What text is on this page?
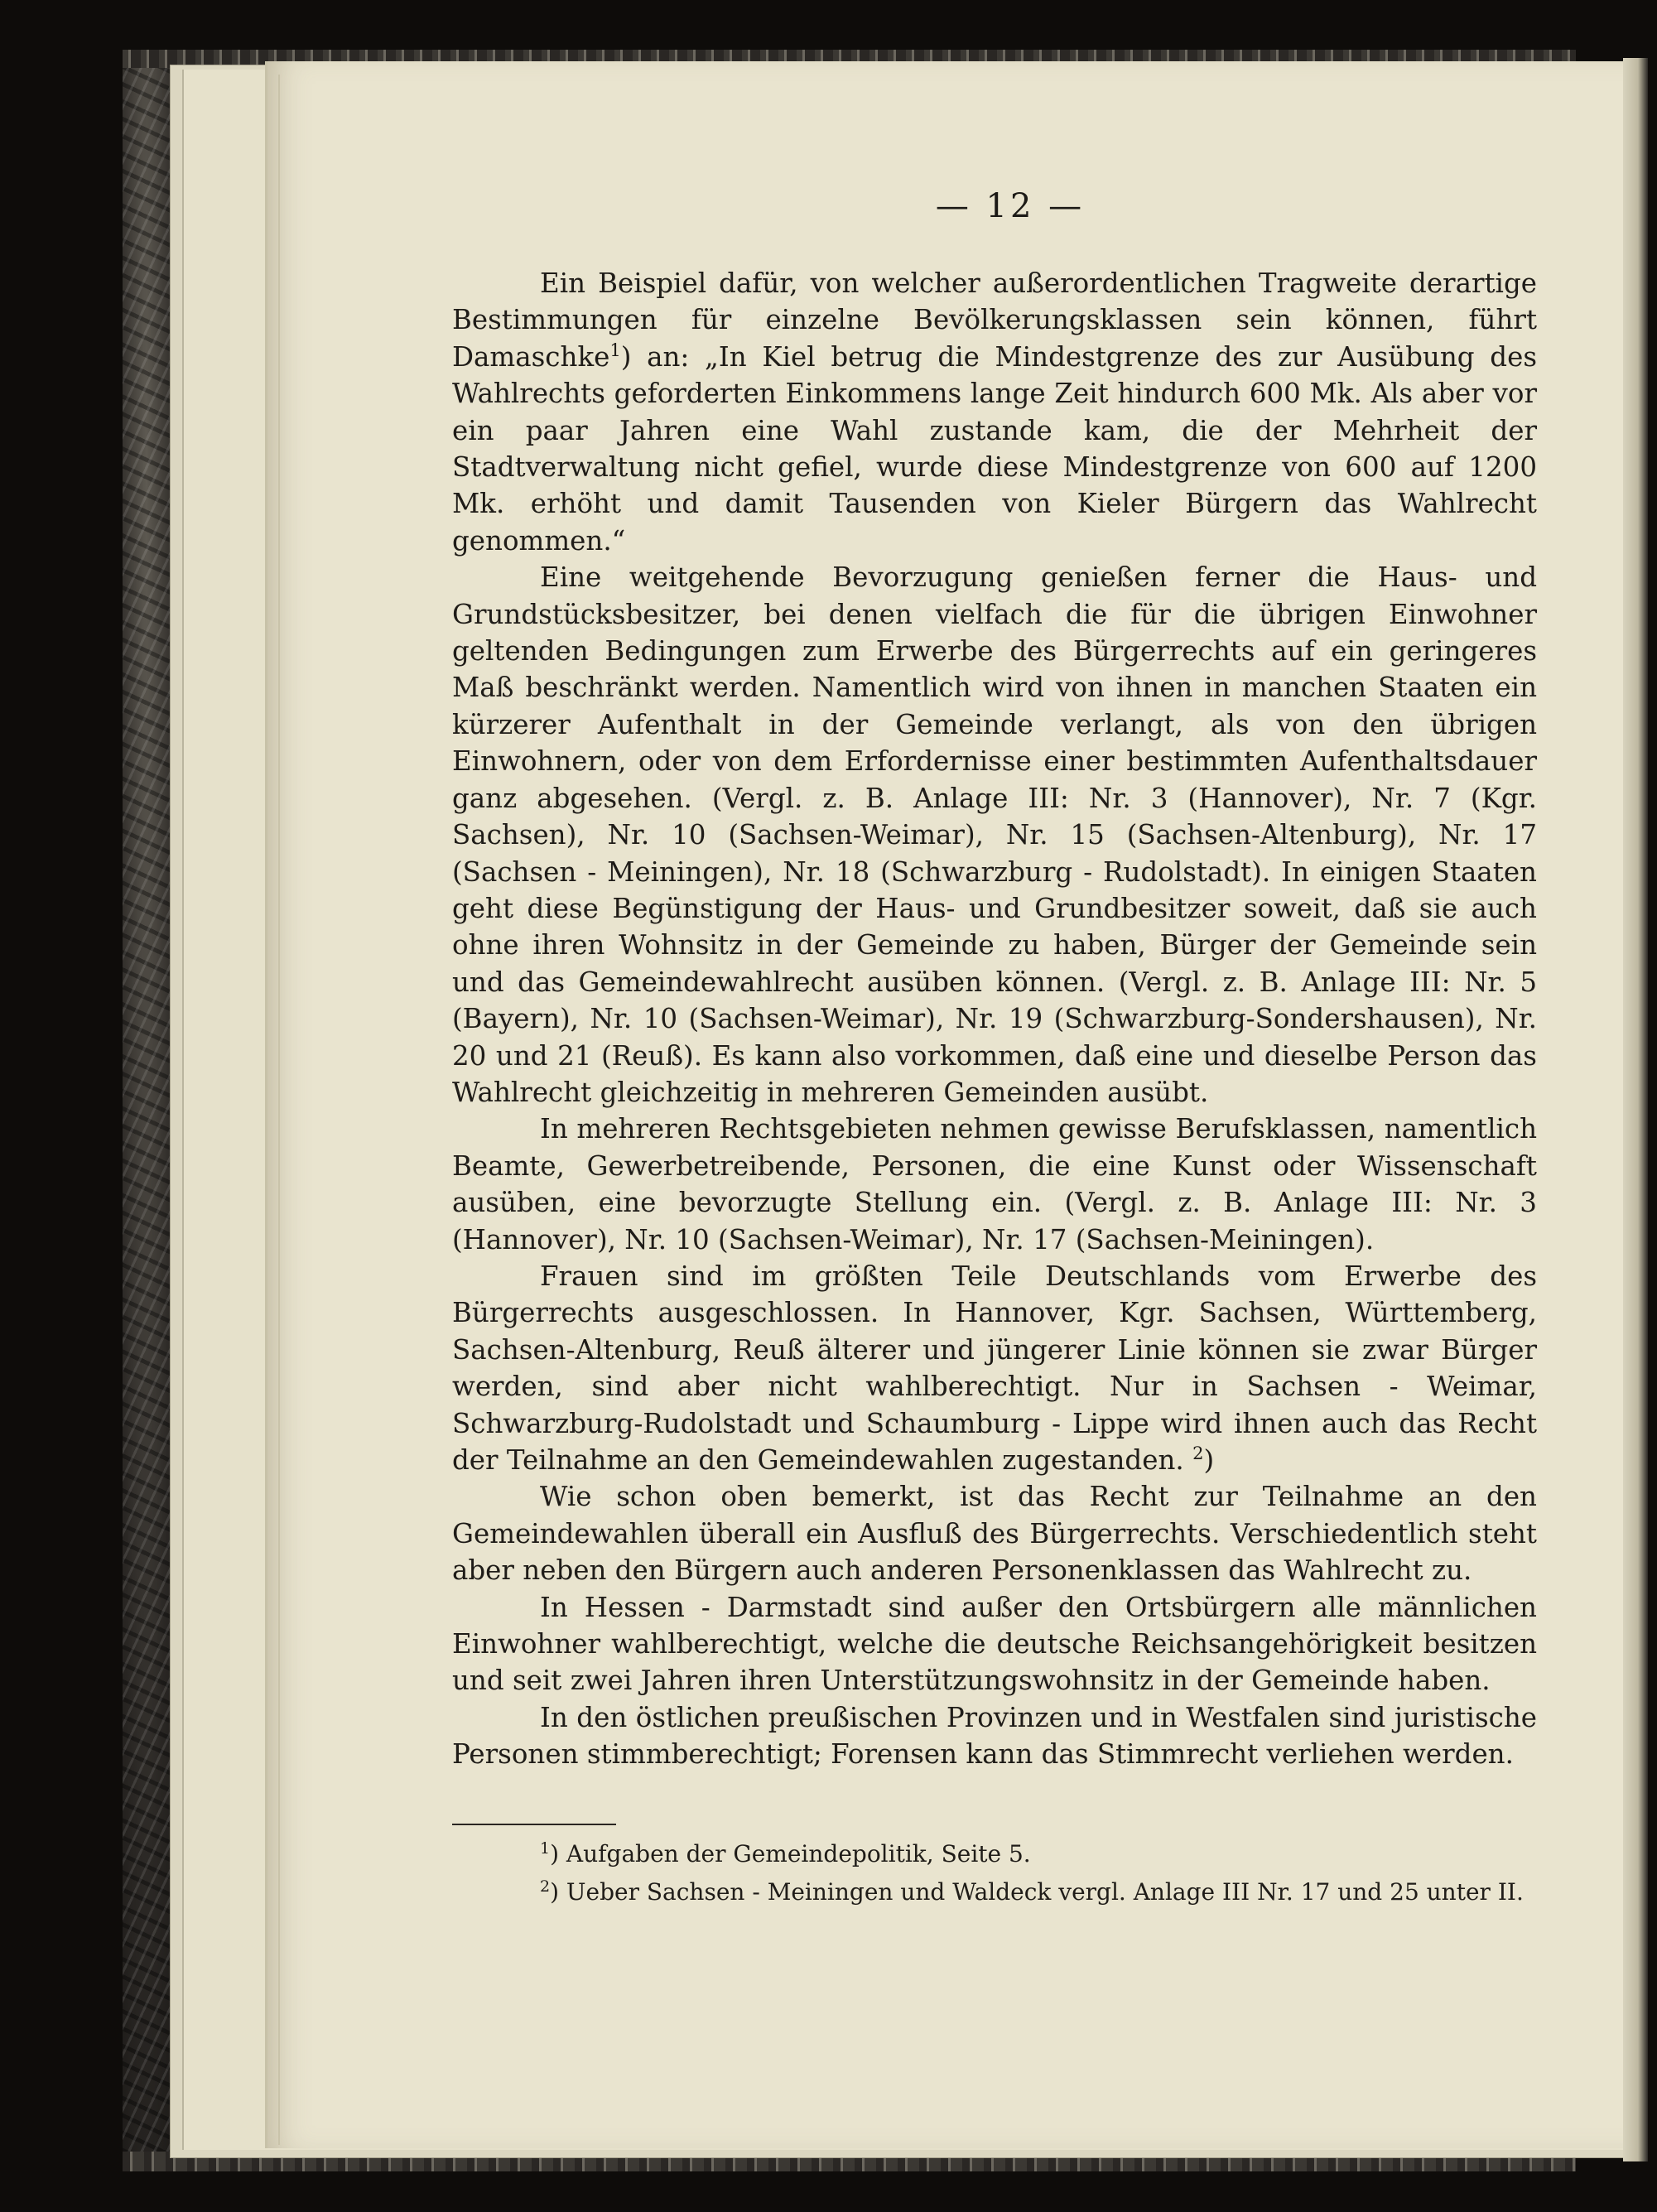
— 12 —

Ein Beispiel dafür, von welcher außerordentlichen Tragweite derartige Bestimmungen für einzelne Bevölkerungsklassen sein können, führt Damaschke$^1$) an: „In Kiel betrug die Mindestgrenze des zur Ausübung des Wahlrechts geforderten Einkommens lange Zeit hindurch 600 Mk. Als aber vor ein paar Jahren eine Wahl zustande kam, die der Mehrheit der Stadtverwaltung nicht gefiel, wurde diese Mindestgrenze von 600 auf 1200 Mk. erhöht und damit Tausenden von Kieler Bürgern das Wahlrecht genommen.“

Eine weitgehende Bevorzugung genießen ferner die Haus- und Grundstücksbesitzer, bei denen vielfach die für die übrigen Einwohner geltenden Bedingungen zum Erwerbe des Bürgerrechts auf ein geringeres Maß beschränkt werden. Namentlich wird von ihnen in manchen Staaten ein kürzerer Aufenthalt in der Gemeinde verlangt, als von den übrigen Einwohnern, oder von dem Erfordernisse einer bestimmten Aufenthaltsdauer ganz abgesehen. (Vergl. z. B. Anlage III: Nr. 3 (Hannover), Nr. 7 (Kgr. Sachsen), Nr. 10 (Sachsen-Weimar), Nr. 15 (Sachsen-Altenburg), Nr. 17 (Sachsen - Meiningen), Nr. 18 (Schwarzburg - Rudolstadt). In einigen Staaten geht diese Begünstigung der Haus- und Grundbesitzer soweit, daß sie auch ohne ihren Wohnsitz in der Gemeinde zu haben, Bürger der Gemeinde sein und das Gemeindewahlrecht ausüben können. (Vergl. z. B. Anlage III: Nr. 5 (Bayern), Nr. 10 (Sachsen-Weimar), Nr. 19 (Schwarzburg-Sondershausen), Nr. 20 und 21 (Reuß). Es kann also vorkommen, daß eine und dieselbe Person das Wahlrecht gleichzeitig in mehreren Gemeinden ausübt.

In mehreren Rechtsgebieten nehmen gewisse Berufsklassen, namentlich Beamte, Gewerbetreibende, Personen, die eine Kunst oder Wissenschaft ausüben, eine bevorzugte Stellung ein. (Vergl. z. B. Anlage III: Nr. 3 (Hannover), Nr. 10 (Sachsen-Weimar), Nr. 17 (Sachsen-Meiningen).

Frauen sind im größten Teile Deutschlands vom Erwerbe des Bürgerrechts ausgeschlossen. In Hannover, Kgr. Sachsen, Württemberg, Sachsen-Altenburg, Reuß älterer und jüngerer Linie können sie zwar Bürger werden, sind aber nicht wahlberechtigt. Nur in Sachsen - Weimar, Schwarzburg-Rudolstadt und Schaumburg - Lippe wird ihnen auch das Recht der Teilnahme an den Gemeindewahlen zugestanden. $^2$)

Wie schon oben bemerkt, ist das Recht zur Teilnahme an den Gemeindewahlen überall ein Ausfluß des Bürgerrechts. Verschiedentlich steht aber neben den Bürgern auch anderen Personenklassen das Wahlrecht zu.

In Hessen - Darmstadt sind außer den Ortsbürgern alle männlichen Einwohner wahlberechtigt, welche die deutsche Reichsangehörigkeit besitzen und seit zwei Jahren ihren Unterstützungswohnsitz in der Gemeinde haben.

In den östlichen preußischen Provinzen und in Westfalen sind juristische Personen stimmberechtigt; Forensen kann das Stimmrecht verliehen werden.

$^1$) Aufgaben der Gemeindepolitik, Seite 5.

$^2$) Ueber Sachsen - Meiningen und Waldeck vergl. Anlage III Nr. 17 und 25 unter II.
